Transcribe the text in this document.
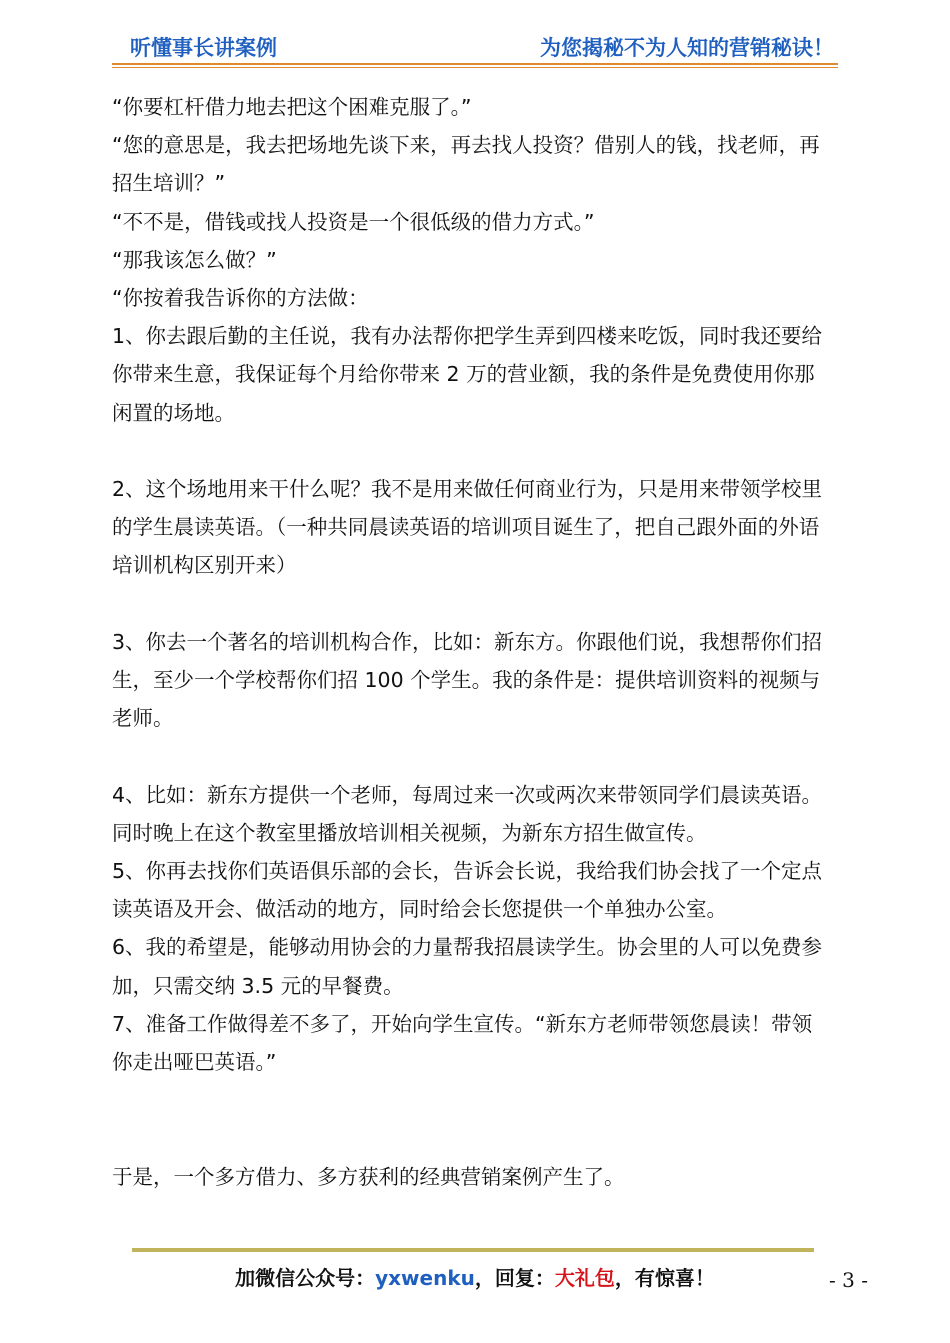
听懂事长讲案例	为您揭秘不为人知的营销秘诀！

“你要杠杆借力地去把这个困难克服了。”

“您的意思是，我去把场地先谈下来，再去找人投资？借别人的钱，找老师，再招生培训？”

“不不是，借钱或找人投资是一个很低级的借力方式。”

“那我该怎么做？”

“你按着我告诉你的方法做：

1、你去跟后勤的主任说，我有办法帮你把学生弄到四楼来吃饭，同时我还要给你带来生意，我保证每个月给你带来 2 万的营业额，我的条件是免费使用你那闲置的场地。

2、这个场地用来干什么呢？我不是用来做任何商业行为，只是用来带领学校里的学生晨读英语。（一种共同晨读英语的培训项目诞生了，把自己跟外面的外语培训机构区别开来）

3、你去一个著名的培训机构合作，比如：新东方。你跟他们说，我想帮你们招生，至少一个学校帮你们招 100 个学生。我的条件是：提供培训资料的视频与老师。

4、比如：新东方提供一个老师，每周过来一次或两次来带领同学们晨读英语。同时晚上在这个教室里播放培训相关视频，为新东方招生做宣传。

5、你再去找你们英语俱乐部的会长，告诉会长说，我给我们协会找了一个定点读英语及开会、做活动的地方，同时给会长您提供一个单独办公室。

6、我的希望是，能够动用协会的力量帮我招晨读学生。协会里的人可以免费参加，只需交纳 3.5 元的早餐费。

7、准备工作做得差不多了，开始向学生宣传。“新东方老师带领您晨读！带领你走出哑巴英语。”

于是，一个多方借力、多方获利的经典营销案例产生了。

加微信公众号：yxwenku，回复：大礼包，有惊喜！	- 3 -
